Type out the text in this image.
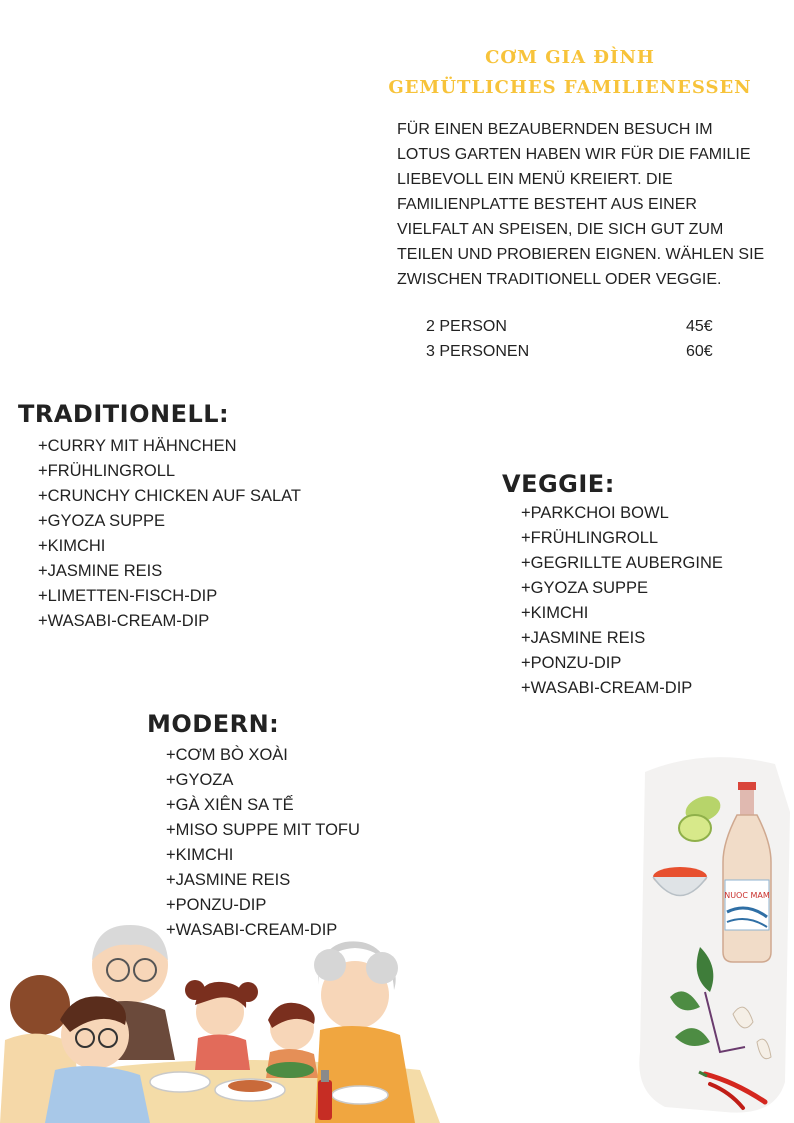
CƠM GIA ĐÌNH
GEMÜTLICHES FAMILIENESSEN
FÜR EINEN BEZAUBERNDEN BESUCH IM LOTUS GARTEN HABEN WIR FÜR DIE FAMILIE LIEBEVOLL EIN MENÜ KREIERT. DIE FAMILIENPLATTE BESTEHT AUS EINER VIELFALT AN SPEISEN, DIE SICH GUT ZUM TEILEN UND PROBIEREN EIGNEN. WÄHLEN SIE ZWISCHEN TRADITIONELL ODER VEGGIE.
2 PERSON	45€
3 PERSONEN	60€
TRADITIONELL:
+CURRY MIT HÄHNCHEN
+FRÜHLINGROLL
+CRUNCHY CHICKEN AUF SALAT
+GYOZA SUPPE
+KIMCHI
+JASMINE REIS
+LIMETTEN-FISCH-DIP
+WASABI-CREAM-DIP
VEGGIE:
+PARKCHOI BOWL
+FRÜHLINGROLL
+GEGRILLTE AUBERGINE
+GYOZA SUPPE
+KIMCHI
+JASMINE REIS
+PONZU-DIP
+WASABI-CREAM-DIP
MODERN:
+CƠM BÒ XOÀI
+GYOZA
+GÀ XIÊN SA TẾ
+MISO SUPPE MIT TOFU
+KIMCHI
+JASMINE REIS
+PONZU-DIP
+WASABI-CREAM-DIP
NUOC MAM
